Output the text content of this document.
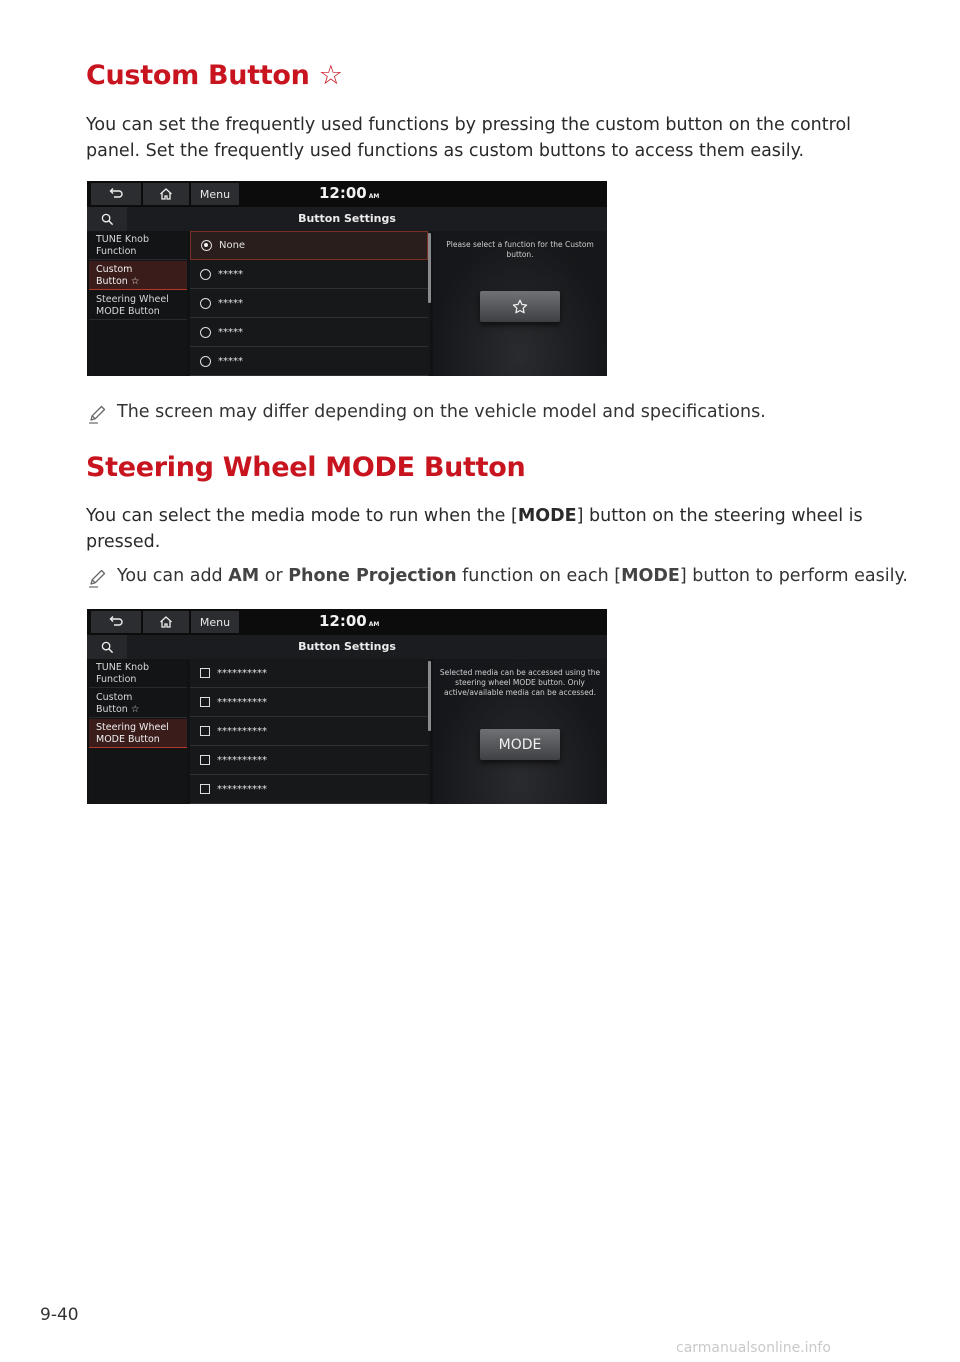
Custom Button ☆

You can set the frequently used functions by pressing the custom button on the control panel. Set the frequently used functions as custom buttons to access them easily.

Menu	12:00 AM
Button Settings
TUNE Knob
Function
Custom
Button ☆
Steering Wheel
MODE Button
None
*****
*****
*****
*****
Please select a function for the Custom button.
The screen may differ depending on the vehicle model and specifications.
Steering Wheel MODE Button

You can select the media mode to run when the [MODE] button on the steering wheel is pressed.

You can add AM or Phone Projection function on each [MODE] button to perform easily.
Menu	12:00 AM
Button Settings
TUNE Knob
Function
Custom
Button ☆
Steering Wheel
MODE Button
**********
**********
**********
**********
**********
Selected media can be accessed using the steering wheel MODE button. Only active/available media can be accessed.
MODE
9-40
carmanualsonline.info
